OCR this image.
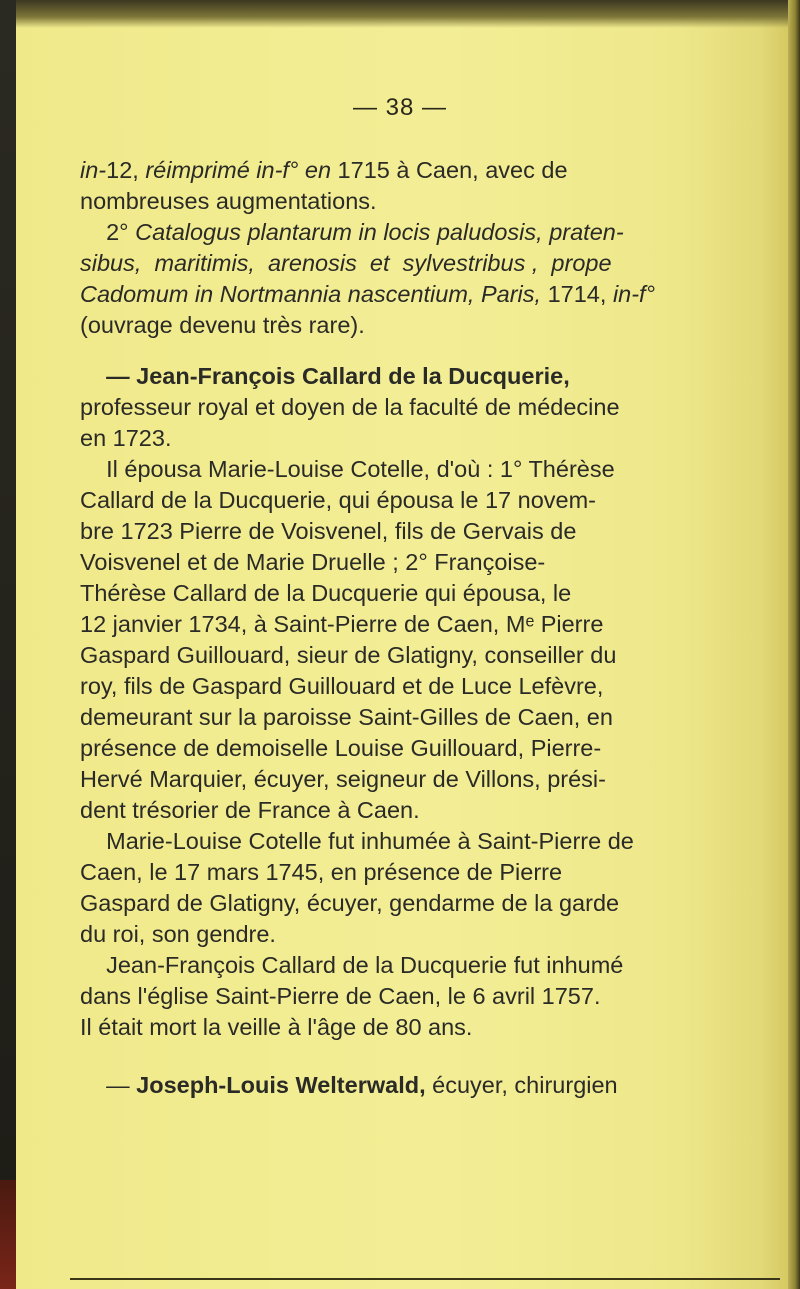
— 38 —
in-12, réimprimé in-f° en 1715 à Caen, avec de
nombreuses augmentations.
2° Catalogus plantarum in locis paludosis, praten-
sibus,  maritimis,  arenosis  et  sylvestribus ,  prope
Cadomum in Nortmannia nascentium, Paris, 1714, in-f°
(ouvrage devenu très rare).
— Jean-François Callard de la Ducquerie,
professeur royal et doyen de la faculté de médecine
en 1723.
Il épousa Marie-Louise Cotelle, d'où : 1° Thérèse
Callard de la Ducquerie, qui épousa le 17 novem-
bre 1723 Pierre de Voisvenel, fils de Gervais de
Voisvenel et de Marie Druelle ; 2° Françoise-
Thérèse Callard de la Ducquerie qui épousa, le
12 janvier 1734, à Saint-Pierre de Caen, Mᵉ Pierre
Gaspard Guillouard, sieur de Glatigny, conseiller du
roy, fils de Gaspard Guillouard et de Luce Lefèvre,
demeurant sur la paroisse Saint-Gilles de Caen, en
présence de demoiselle Louise Guillouard, Pierre-
Hervé Marquier, écuyer, seigneur de Villons, prési-
dent trésorier de France à Caen.
Marie-Louise Cotelle fut inhumée à Saint-Pierre de
Caen, le 17 mars 1745, en présence de Pierre
Gaspard de Glatigny, écuyer, gendarme de la garde
du roi, son gendre.
Jean-François Callard de la Ducquerie fut inhumé
dans l'église Saint-Pierre de Caen, le 6 avril 1757.
Il était mort la veille à l'âge de 80 ans.
— Joseph-Louis Welterwald, écuyer, chirurgien
